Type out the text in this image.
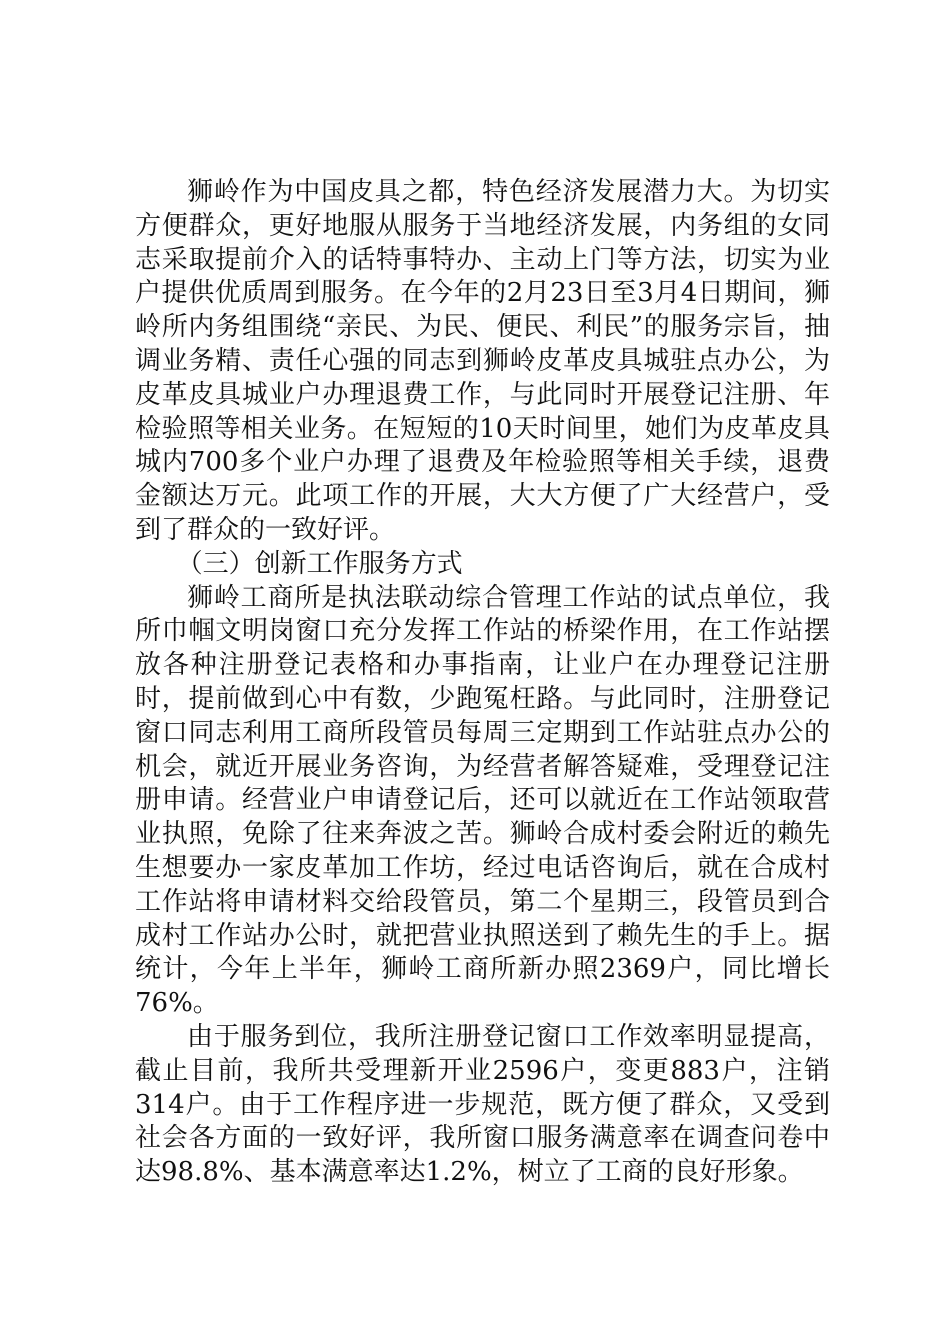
狮岭作为中国皮具之都，特色经济发展潜力大。为切实方便群众，更好地服从服务于当地经济发展，内务组的女同志采取提前介入的话特事特办、主动上门等方法，切实为业户提供优质周到服务。在今年的2月23日至3月4日期间，狮岭所内务组围绕“亲民、为民、便民、利民”的服务宗旨，抽调业务精、责任心强的同志到狮岭皮革皮具城驻点办公，为皮革皮具城业户办理退费工作，与此同时开展登记注册、年检验照等相关业务。在短短的10天时间里，她们为皮革皮具城内700多个业户办理了退费及年检验照等相关手续，退费金额达万元。此项工作的开展，大大方便了广大经营户，受到了群众的一致好评。

（三）创新工作服务方式

狮岭工商所是执法联动综合管理工作站的试点单位，我所巾帼文明岗窗口充分发挥工作站的桥梁作用，在工作站摆放各种注册登记表格和办事指南，让业户在办理登记注册时，提前做到心中有数，少跑冤枉路。与此同时，注册登记窗口同志利用工商所段管员每周三定期到工作站驻点办公的机会，就近开展业务咨询，为经营者解答疑难，受理登记注册申请。经营业户申请登记后，还可以就近在工作站领取营业执照，免除了往来奔波之苦。狮岭合成村委会附近的赖先生想要办一家皮革加工作坊，经过电话咨询后，就在合成村工作站将申请材料交给段管员，第二个星期三，段管员到合成村工作站办公时，就把营业执照送到了赖先生的手上。据统计，今年上半年，狮岭工商所新办照2369户，同比增长76%。

由于服务到位，我所注册登记窗口工作效率明显提高，截止目前，我所共受理新开业2596户，变更883户，注销314户。由于工作程序进一步规范，既方便了群众，又受到社会各方面的一致好评，我所窗口服务满意率在调查问卷中达98.8%、基本满意率达1.2%，树立了工商的良好形象。
